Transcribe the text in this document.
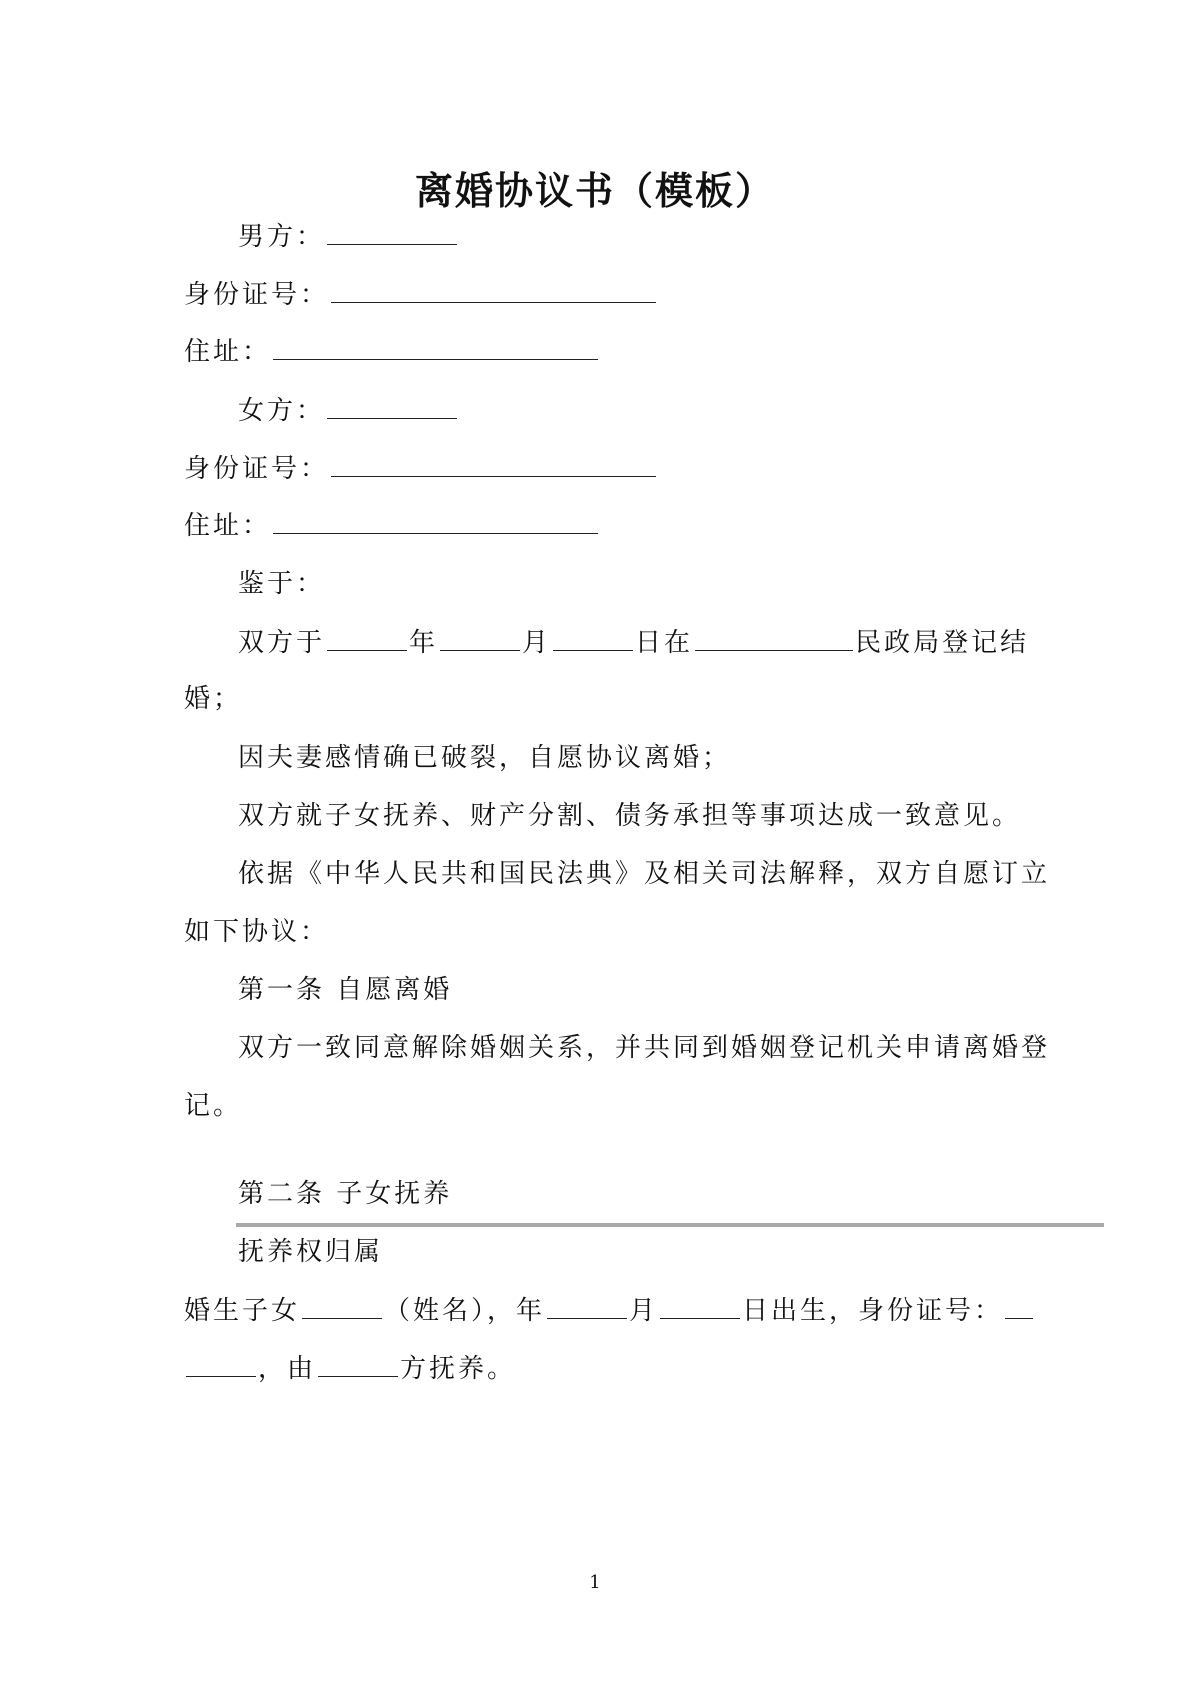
离婚协议书（模板）
男方：
身份证号：
住址：
女方：
身份证号：
住址：
鉴于：
双方于	年	月	日在	民政局登记结
婚；
因夫妻感情确已破裂，自愿协议离婚；
双方就子女抚养、财产分割、债务承担等事项达成一致意见。
依据《中华人民共和国民法典》及相关司法解释，双方自愿订立
如下协议：
第一条 自愿离婚
双方一致同意解除婚姻关系，并共同到婚姻登记机关申请离婚登
记。
第二条 子女抚养
抚养权归属
婚生子女	（姓名），年	月	日出生，身份证号：
，由	方抚养。
1
